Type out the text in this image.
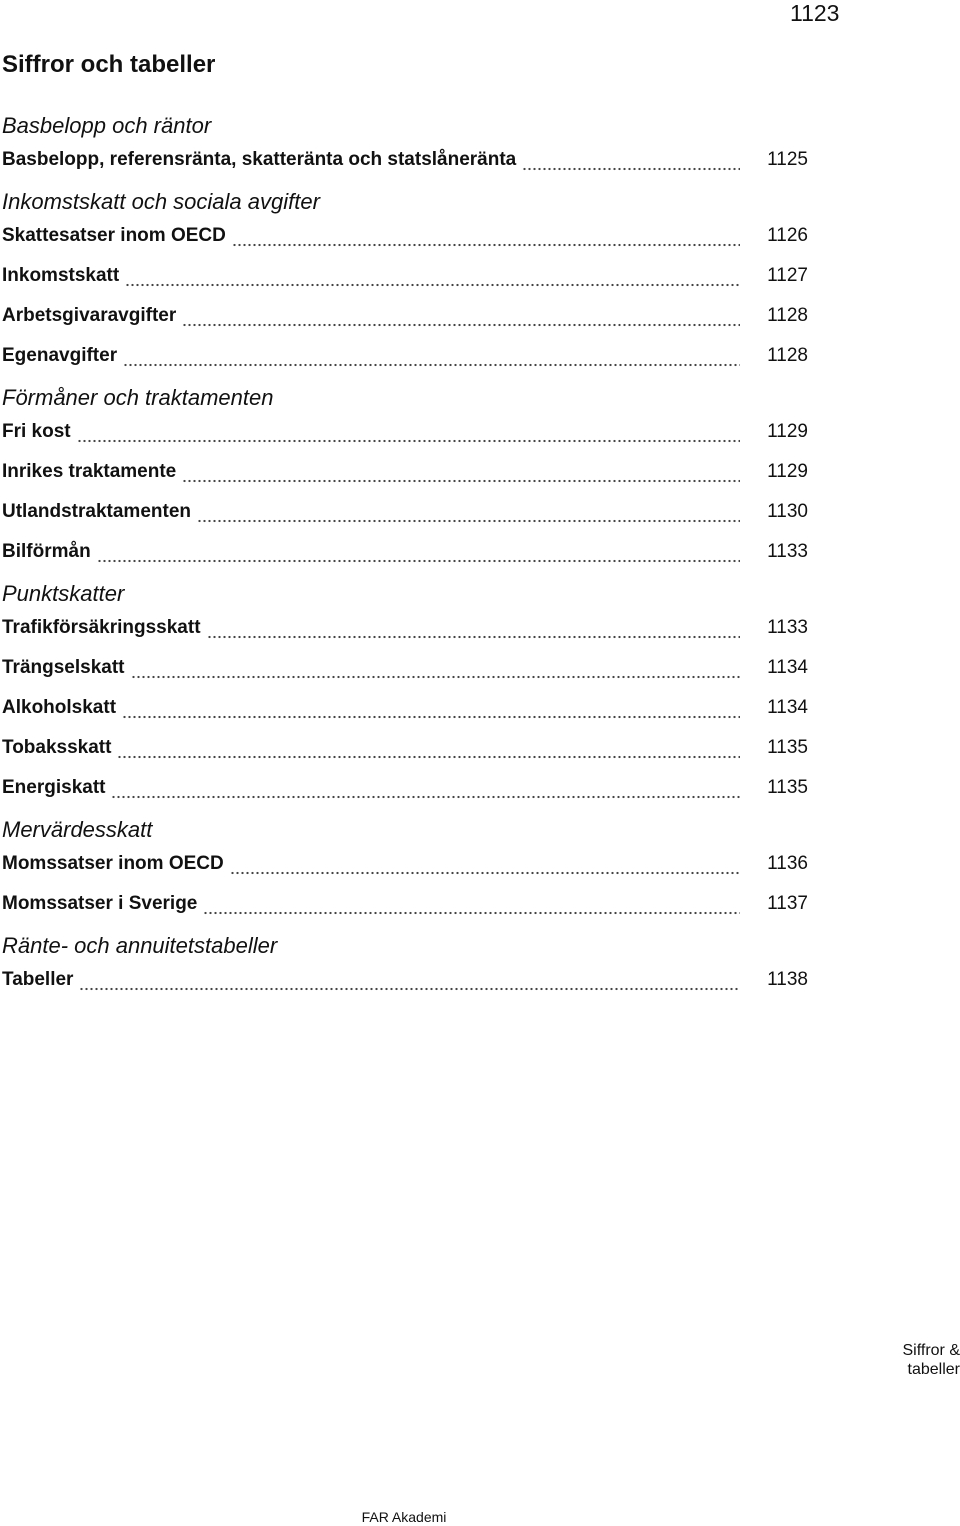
1123
Siffror och tabeller
Basbelopp och räntor
Basbelopp, referensränta, skatteränta och statslåneränta	1125
Inkomstskatt och sociala avgifter
Skattesatser inom OECD	1126
Inkomstskatt	1127
Arbetsgivaravgifter	1128
Egenavgifter	1128
Förmåner och traktamenten
Fri kost	1129
Inrikes traktamente	1129
Utlandstraktamenten	1130
Bilförmån	1133
Punktskatter
Trafikförsäkringsskatt	1133
Trängselskatt	1134
Alkoholskatt	1134
Tobaksskatt	1135
Energiskatt	1135
Mervärdesskatt
Momssatser inom OECD	1136
Momssatser i Sverige	1137
Ränte- och annuitetstabeller
Tabeller	1138
Siffror &
tabeller
FAR Akademi
